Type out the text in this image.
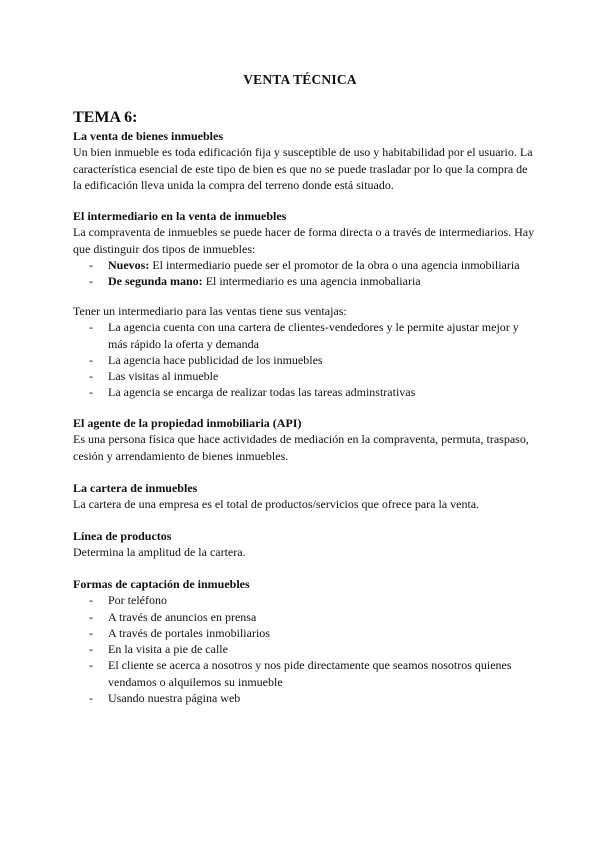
VENTA TÉCNICA
TEMA 6:

La venta de bienes inmuebles

Un bien inmueble es toda edificación fija y susceptible de uso y habitabilidad por el usuario. La característica esencial de este tipo de bien es que no se puede trasladar por lo que la compra de la edificación lleva unida la compra del terreno donde está situado.

El intermediario en la venta de inmuebles

La compraventa de inmuebles se puede hacer de forma directa o a través de intermediarios. Hay que distinguir dos tipos de inmuebles:

- Nuevos: El intermediario puede ser el promotor de la obra o una agencia inmobiliaria
- De segunda mano: El intermediario es una agencia inmobaliaria

Tener un intermediario para las ventas tiene sus ventajas:

- La agencia cuenta con una cartera de clientes-vendedores y le permite ajustar mejor y más rápido la oferta y demanda
- La agencia hace publicidad de los inmuebles
- Las visitas al inmueble
- La agencia se encarga de realizar todas las tareas adminstrativas

El agente de la propiedad inmobiliaria (API)

Es una persona física que hace actividades de mediación en la compraventa, permuta, traspaso, cesión y arrendamiento de bienes inmuebles.

La cartera de inmuebles

La cartera de una empresa es el total de productos/servicios que ofrece para la venta.

Línea de productos

Determina la amplitud de la cartera.

Formas de captación de inmuebles

- Por teléfono
- A través de anuncios en prensa
- A través de portales inmobiliarios
- En la visita a pie de calle
- El cliente se acerca a nosotros y nos pide directamente que seamos nosotros quienes vendamos o alquilemos su inmueble
- Usando nuestra página web
